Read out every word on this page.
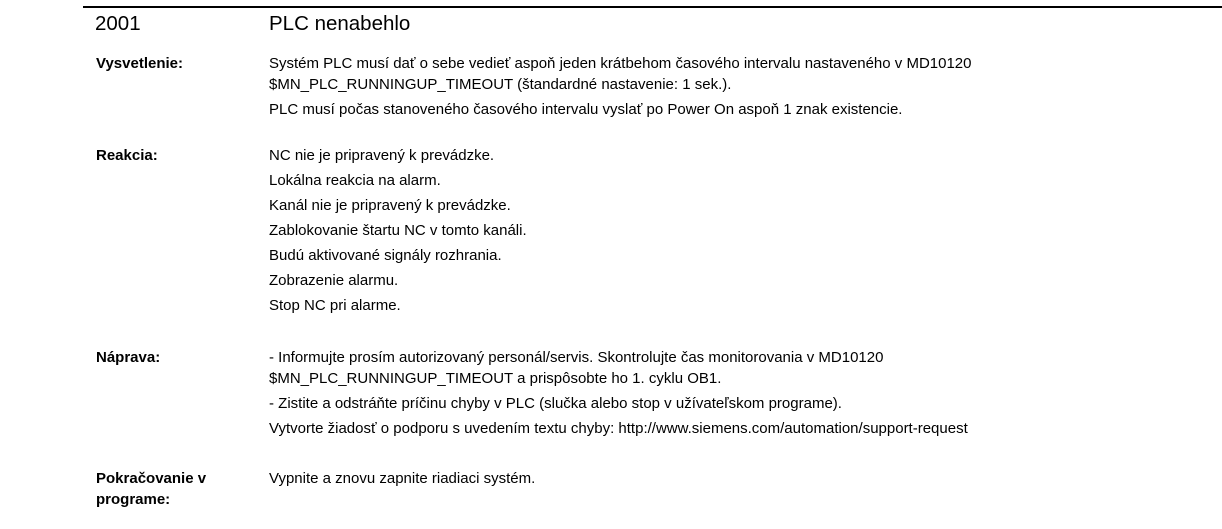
2001	PLC nenabehlo
Vysvetlenie:	Systém PLC musí dať o sebe vedieť aspoň jeden krátbehom časového intervalu nastaveného v MD10120
$MN_PLC_RUNNINGUP_TIMEOUT (štandardné nastavenie: 1 sek.).

PLC musí počas stanoveného časového intervalu vyslať po Power On aspoň 1 znak existencie.

Reakcia:	NC nie je pripravený k prevádzke.

Lokálna reakcia na alarm.

Kanál nie je pripravený k prevádzke.

Zablokovanie štartu NC v tomto kanáli.

Budú aktivované signály rozhrania.

Zobrazenie alarmu.

Stop NC pri alarme.

Náprava:	- Informujte prosím autorizovaný personál/servis. Skontrolujte čas monitorovania v MD10120
$MN_PLC_RUNNINGUP_TIMEOUT a prispôsobte ho 1. cyklu OB1.

- Zistite a odstráňte príčinu chyby v PLC (slučka alebo stop v užívateľskom programe).

Vytvorte žiadosť o podporu s uvedením textu chyby: http://www.siemens.com/automation/support-request

Pokračovanie v
programe:

Vypnite a znovu zapnite riadiaci systém.
